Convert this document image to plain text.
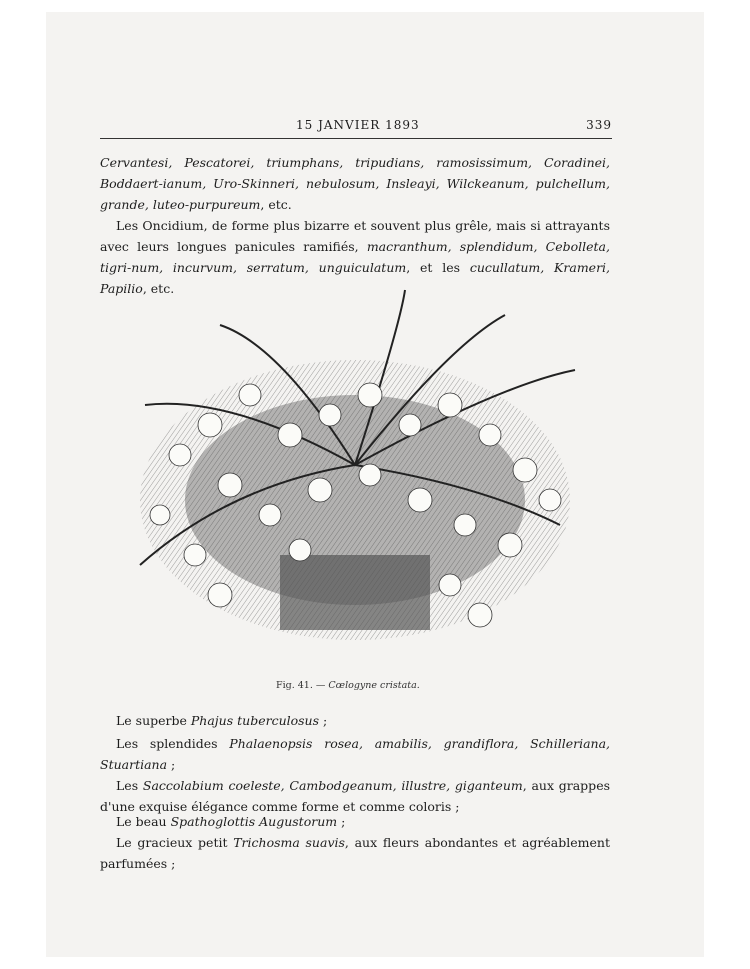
15 JANVIER 1893	339

Cervantesi, Pescatorei, triumphans, tripudians, ramosissimum, Coradinei, Boddaert-ianum, Uro-Skinneri, nebulosum, Insleayi, Wilckeanum, pulchellum, grande, luteo-purpureum, etc.

Les Oncidium, de forme plus bizarre et souvent plus grêle, mais si attrayants avec leurs longues panicules ramifiés, macranthum, splendidum, Cebolleta, tigri-num, incurvum, serratum, unguiculatum, et les cucullatum, Krameri, Papilio, etc.

Fig. 41. — Cœlogyne cristata.

Le superbe Phajus tuberculosus ;

Les splendides Phalaenopsis rosea, amabilis, grandiflora, Schilleriana, Stuartiana ;

Les Saccolabium coeleste, Cambodgeanum, illustre, giganteum, aux grappes d'une exquise élégance comme forme et comme coloris ;

Le beau Spathoglottis Augustorum ;

Le gracieux petit Trichosma suavis, aux fleurs abondantes et agréablement parfumées ;
